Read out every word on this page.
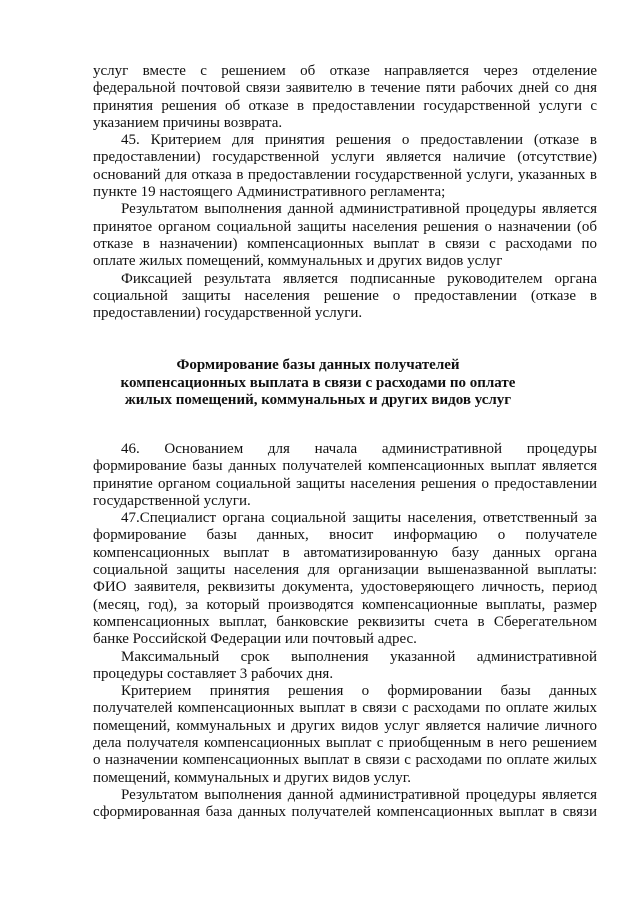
услуг вместе с решением об отказе направляется через отделение
федеральной почтовой связи заявителю в течение пяти рабочих дней со дня
принятия решения об отказе в предоставлении государственной услуги с
указанием причины возврата.
45. Критерием для принятия решения о предоставлении (отказе в
предоставлении) государственной услуги является наличие (отсутствие)
оснований для отказа в предоставлении государственной услуги, указанных в
пункте 19 настоящего Административного регламента;
Результатом выполнения данной административной процедуры является
принятое органом социальной защиты населения решения о назначении (об
отказе в назначении) компенсационных выплат в связи с расходами по
оплате жилых помещений, коммунальных и других видов услуг
Фиксацией результата является подписанные руководителем органа
социальной защиты населения решение о предоставлении (отказе в
предоставлении) государственной услуги.
Формирование базы данных получателей
компенсационных выплата в связи с расходами по оплате
жилых помещений, коммунальных и других видов услуг
46. Основанием для начала административной процедуры
формирование базы данных получателей компенсационных выплат является
принятие органом социальной защиты населения решения о предоставлении
государственной услуги.
47.Специалист органа социальной защиты населения, ответственный за
формирование базы данных, вносит информацию о получателе
компенсационных выплат в автоматизированную базу данных органа
социальной защиты населения для организации вышеназванной выплаты:
ФИО заявителя, реквизиты документа, удостоверяющего личность, период
(месяц, год), за который производятся компенсационные выплаты, размер
компенсационных выплат, банковские реквизиты счета в Сберегательном
банке Российской Федерации или почтовый адрес.
Максимальный срок выполнения указанной административной
процедуры составляет 3 рабочих дня.
Критерием принятия решения о формировании базы данных
получателей компенсационных выплат в связи с расходами по оплате жилых
помещений, коммунальных и других видов услуг является наличие личного
дела получателя компенсационных выплат с приобщенным в него решением
о назначении компенсационных выплат в связи с расходами по оплате жилых
помещений, коммунальных и других видов услуг.
Результатом выполнения данной административной процедуры является
сформированная база данных получателей компенсационных выплат в связи
